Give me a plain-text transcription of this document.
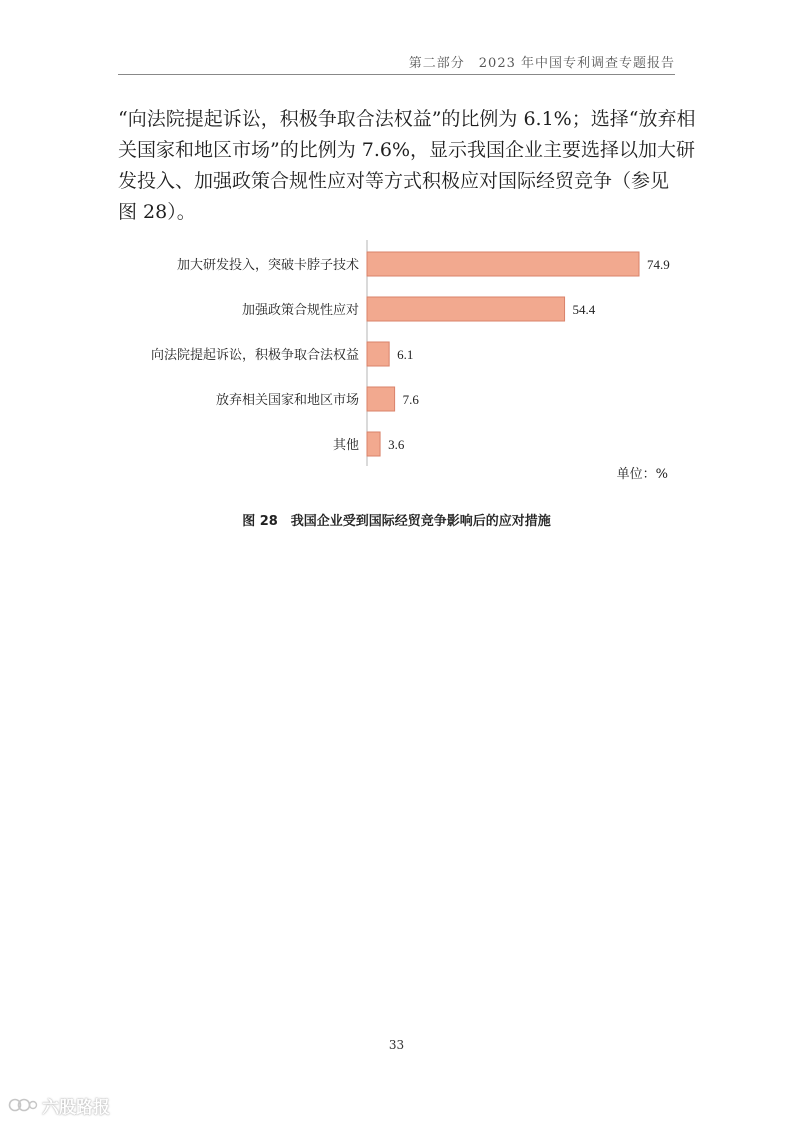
第二部分　2023 年中国专利调查专题报告

“向法院提起诉讼，积极争取合法权益”的比例为 6.1%；选择“放弃相
关国家和地区市场”的比例为 7.6%，显示我国企业主要选择以加大研
发投入、加强政策合规性应对等方式积极应对国际经贸竞争（参见
图 28）。

加大研发投入，突破卡脖子技术	74.9
加强政策合规性应对	54.4
向法院提起诉讼，积极争取合法权益	6.1
放弃相关国家和地区市场	7.6
其他 3.6
单位：%
图 28　我国企业受到国际经贸竞争影响后的应对措施
33
六股路报
